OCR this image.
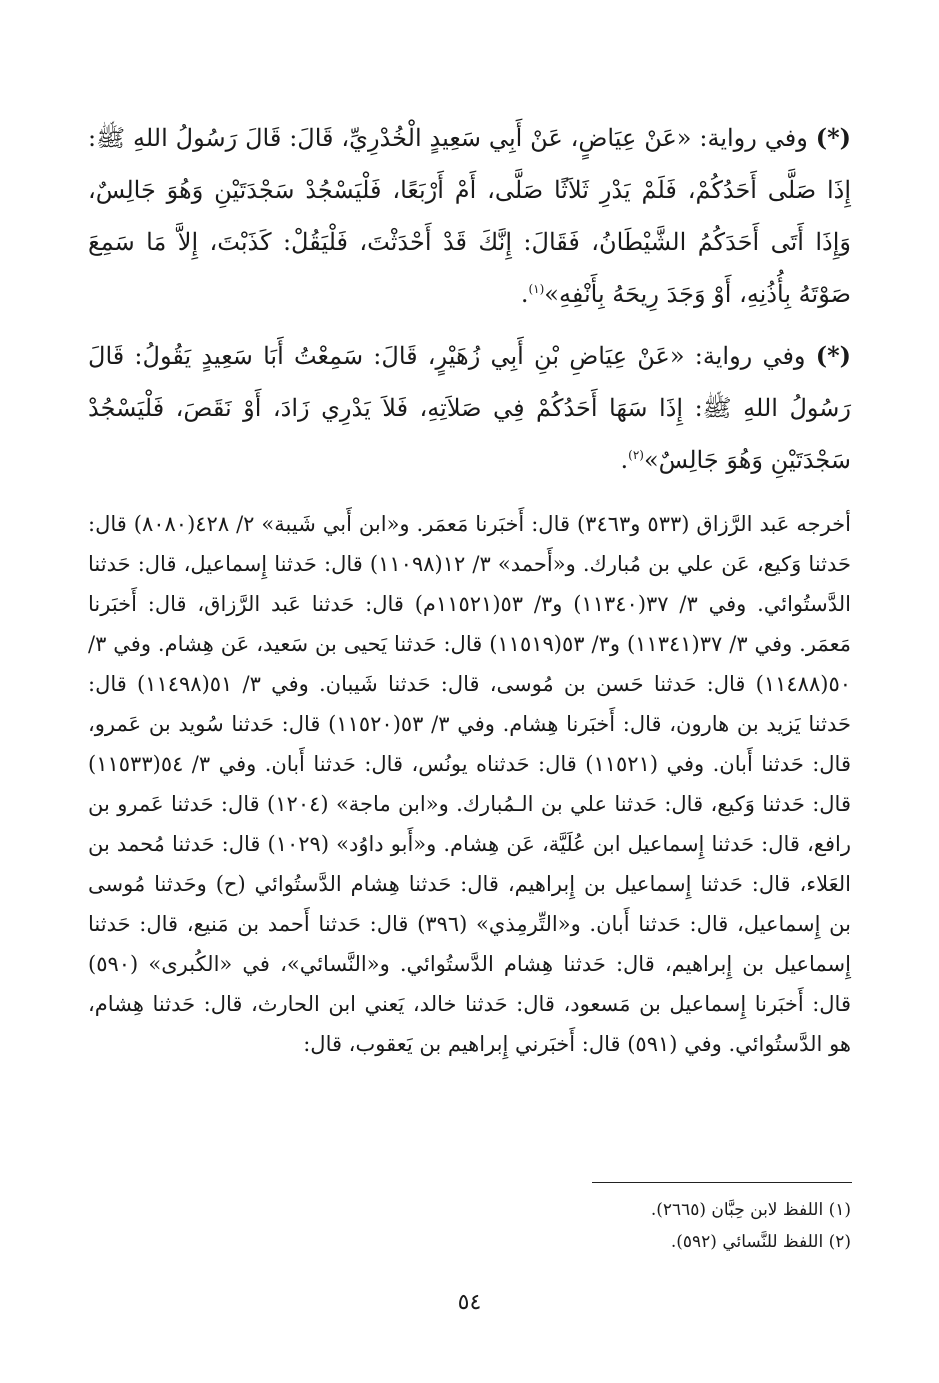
(*) وفي رواية: «عَنْ عِيَاضٍ، عَنْ أَبِي سَعِيدٍ الْخُدْرِيِّ، قَالَ: قَالَ رَسُولُ اللهِ ﷺ: إِذَا صَلَّى أَحَدُكُمْ، فَلَمْ يَدْرِ ثَلاَثًا صَلَّى، أَمْ أَرْبَعًا، فَلْيَسْجُدْ سَجْدَتَيْنِ وَهُوَ جَالِسٌ، وَإِذَا أَتَى أَحَدَكُمُ الشَّيْطَانُ، فَقَالَ: إِنَّكَ قَدْ أَحْدَثْتَ، فَلْيَقُلْ: كَذَبْتَ، إِلاَّ مَا سَمِعَ صَوْتَهُ بِأُذُنِهِ، أَوْ وَجَدَ رِيحَهُ بِأَنْفِهِ»$^{(١)}$.

(*) وفي رواية: «عَنْ عِيَاضِ بْنِ أَبِي زُهَيْرٍ، قَالَ: سَمِعْتُ أَبَا سَعِيدٍ يَقُولُ: قَالَ رَسُولُ اللهِ ﷺ: إِذَا سَهَا أَحَدُكُمْ فِي صَلاَتِهِ، فَلاَ يَدْرِي زَادَ، أَوْ نَقَصَ، فَلْيَسْجُدْ سَجْدَتَيْنِ وَهُوَ جَالِسٌ»$^{(٢)}$.

أخرجه عَبد الرَّزاق (٥٣٣ و٣٤٦٣) قال: أَخبَرنا مَعمَر. و«ابن أَبي شَيبة» ٢/ ٤٢٨(٨٠٨٠) قال: حَدثنا وَكيع، عَن علي بن مُبارك. و«أَحمد» ٣/ ١٢(١١٠٩٨) قال: حَدثنا إِسماعيل، قال: حَدثنا الدَّستُوائي. وفي ٣/ ٣٧(١١٣٤٠) و٣/ ٥٣(١١٥٢١م) قال: حَدثنا عَبد الرَّزاق، قال: أَخبَرنا مَعمَر. وفي ٣/ ٣٧(١١٣٤١) و٣/ ٥٣(١١٥١٩) قال: حَدثنا يَحيى بن سَعيد، عَن هِشام. وفي ٣/ ٥٠(١١٤٨٨) قال: حَدثنا حَسن بن مُوسى، قال: حَدثنا شَيبان. وفي ٣/ ٥١(١١٤٩٨) قال: حَدثنا يَزيد بن هارون، قال: أَخبَرنا هِشام. وفي ٣/ ٥٣(١١٥٢٠) قال: حَدثنا سُويد بن عَمرو، قال: حَدثنا أَبان. وفي (١١٥٢١) قال: حَدثناه يونُس، قال: حَدثنا أَبان. وفي ٣/ ٥٤(١١٥٣٣) قال: حَدثنا وَكيع، قال: حَدثنا علي بن الـمُبارك. و«ابن ماجة» (١٢٠٤) قال: حَدثنا عَمرو بن رافع، قال: حَدثنا إِسماعيل ابن عُلَيَّة، عَن هِشام. و«أَبو داوُد» (١٠٢٩) قال: حَدثنا مُحمد بن العَلاء، قال: حَدثنا إِسماعيل بن إِبراهيم، قال: حَدثنا هِشام الدَّستُوائي (ح) وحَدثنا مُوسى بن إِسماعيل، قال: حَدثنا أَبان. و«التِّرمِذي» (٣٩٦) قال: حَدثنا أَحمد بن مَنيع، قال: حَدثنا إِسماعيل بن إِبراهيم، قال: حَدثنا هِشام الدَّستُوائي. و«النَّسائي»، في «الكُبرى» (٥٩٠) قال: أَخبَرنا إِسماعيل بن مَسعود، قال: حَدثنا خالد، يَعني ابن الحارث، قال: حَدثنا هِشام، هو الدَّستُوائي. وفي (٥٩١) قال: أَخبَرني إِبراهيم بن يَعقوب، قال:

(١) اللفظ لابن حِبَّان (٢٦٦٥).

(٢) اللفظ للنَّسائي (٥٩٢).

٥٤
